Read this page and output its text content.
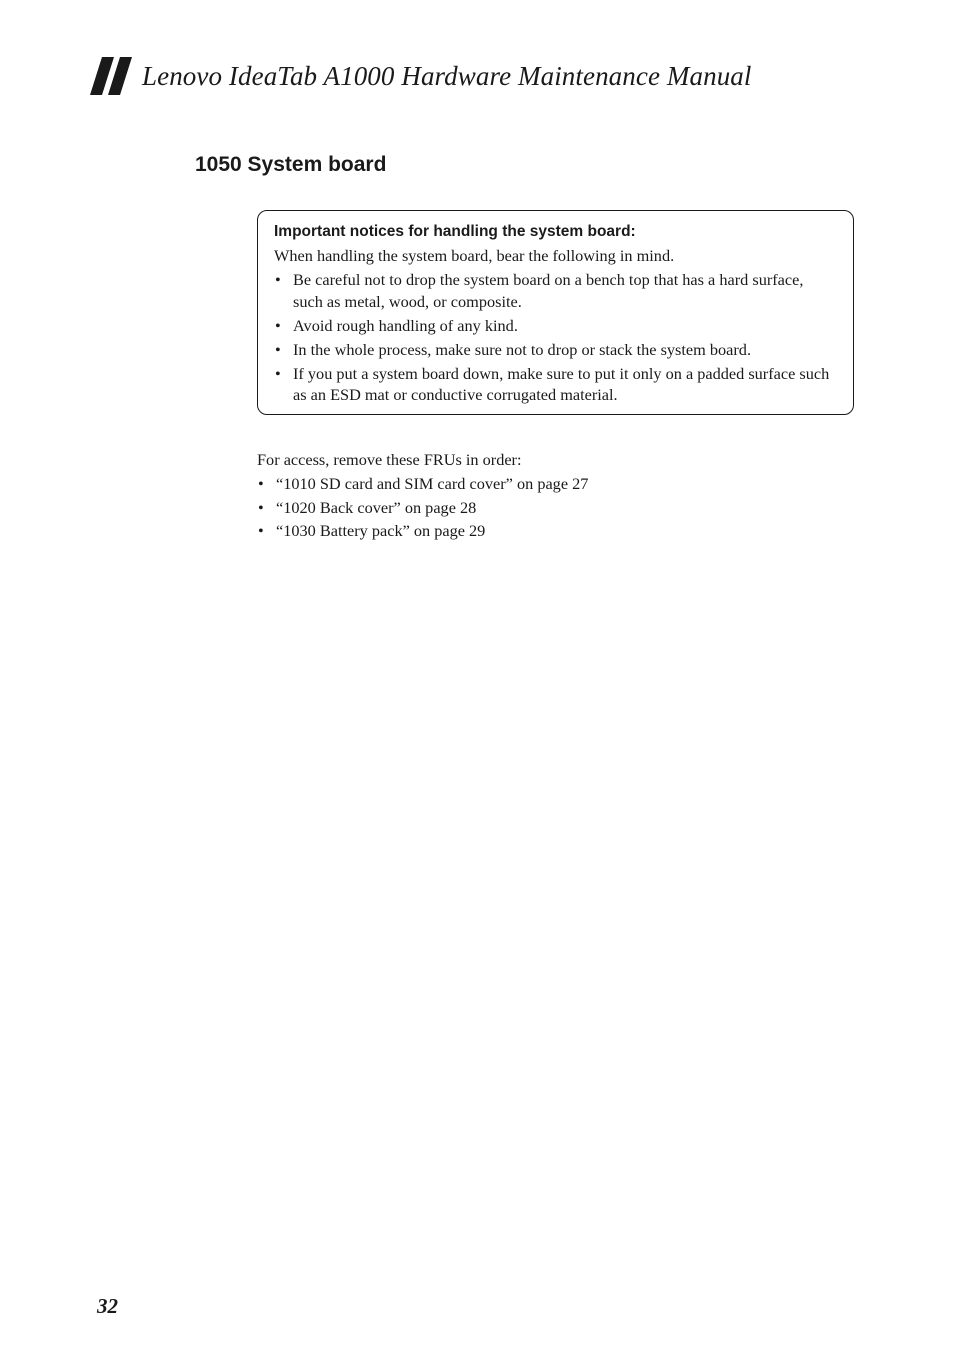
Lenovo IdeaTab A1000 Hardware Maintenance Manual
1050 System board

Important notices for handling the system board:

When handling the system board, bear the following in mind.

• Be careful not to drop the system board on a bench top that has a hard surface, such as metal, wood, or composite.
• Avoid rough handling of any kind.
• In the whole process, make sure not to drop or stack the system board.
• If you put a system board down, make sure to put it only on a padded surface such as an ESD mat or conductive corrugated material.

For access, remove these FRUs in order:

• “1010 SD card and SIM card cover” on page 27
• “1020 Back cover” on page 28
• “1030 Battery pack” on page 29
32
